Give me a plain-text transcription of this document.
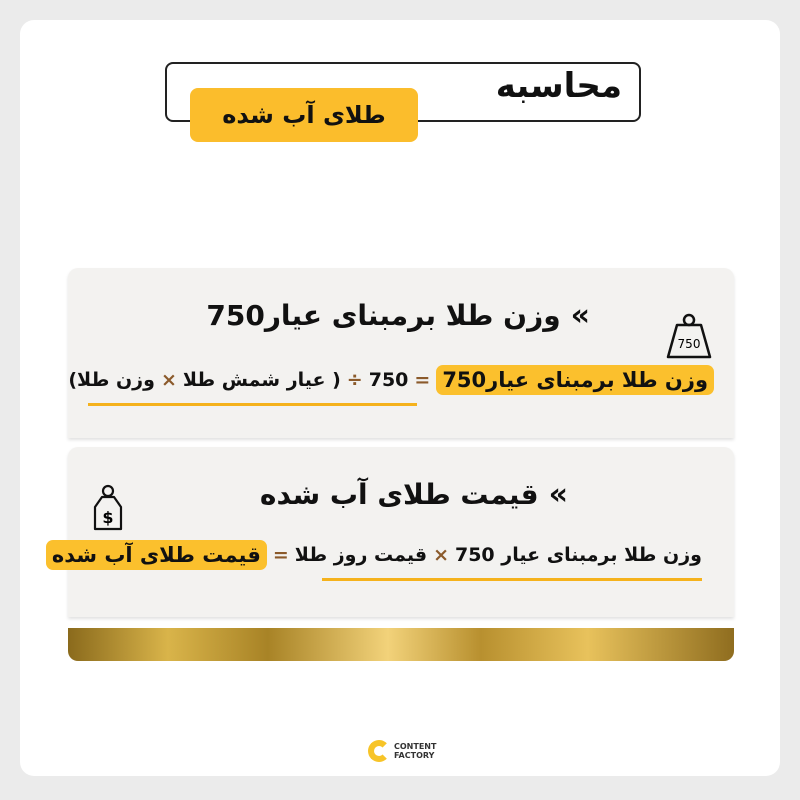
محاسبه
طلای آب شده
»
وزن طلا برمبنای عیار750
750
وزن طلا برمبنای عیار750
=
750
÷
( عیار شمش طلا
×
وزن طلا)
»
قیمت طلای آب شده
$
وزن طلا برمبنای عیار 750
×
قیمت روز طلا
=
قیمت طلای آب شده
CONTENT
FACTORY
